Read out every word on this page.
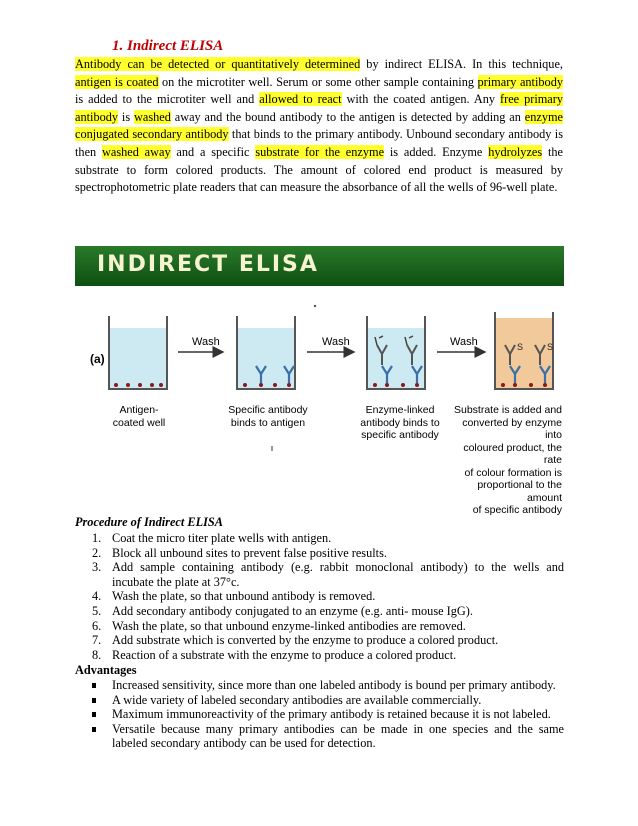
1. Indirect ELISA
Antibody can be detected or quantitatively determined by indirect ELISA. In this technique, antigen is coated on the microtiter well. Serum or some other sample containing primary antibody is added to the microtiter well and allowed to react with the coated antigen. Any free primary antibody is washed away and the bound antibody to the antigen is detected by adding an enzyme conjugated secondary antibody that binds to the primary antibody. Unbound secondary antibody is then washed away and a specific substrate for the enzyme is added. Enzyme hydrolyzes the substrate to form colored products. The amount of colored end product is measured by spectrophotometric plate readers that can measure the absorbance of all the wells of 96-well plate.
INDIRECT ELISA
S	S
(a)
Wash	Wash	Wash
Antigen-
coated well
Specific antibody
binds to antigen
Enzyme-linked
antibody binds to
specific antibody
Substrate is added and
converted by enzyme into
coloured product, the rate
of colour formation is
proportional to the amount
of specific antibody
Procedure of Indirect ELISA
1. Coat the micro titer plate wells with antigen.
2. Block all unbound sites to prevent false positive results.
3. Add sample containing antibody (e.g. rabbit monoclonal antibody) to the wells and incubate the plate at 37°c.
4. Wash the plate, so that unbound antibody is removed.
5. Add secondary antibody conjugated to an enzyme (e.g. anti- mouse IgG).
6. Wash the plate, so that unbound enzyme-linked antibodies are removed.
7. Add substrate which is converted by the enzyme to produce a colored product.
8. Reaction of a substrate with the enzyme to produce a colored product.
Advantages
Increased sensitivity, since more than one labeled antibody is bound per primary antibody.
A wide variety of labeled secondary antibodies are available commercially.
Maximum immunoreactivity of the primary antibody is retained because it is not labeled.
Versatile because many primary antibodies can be made in one species and the same labeled secondary antibody can be used for detection.
